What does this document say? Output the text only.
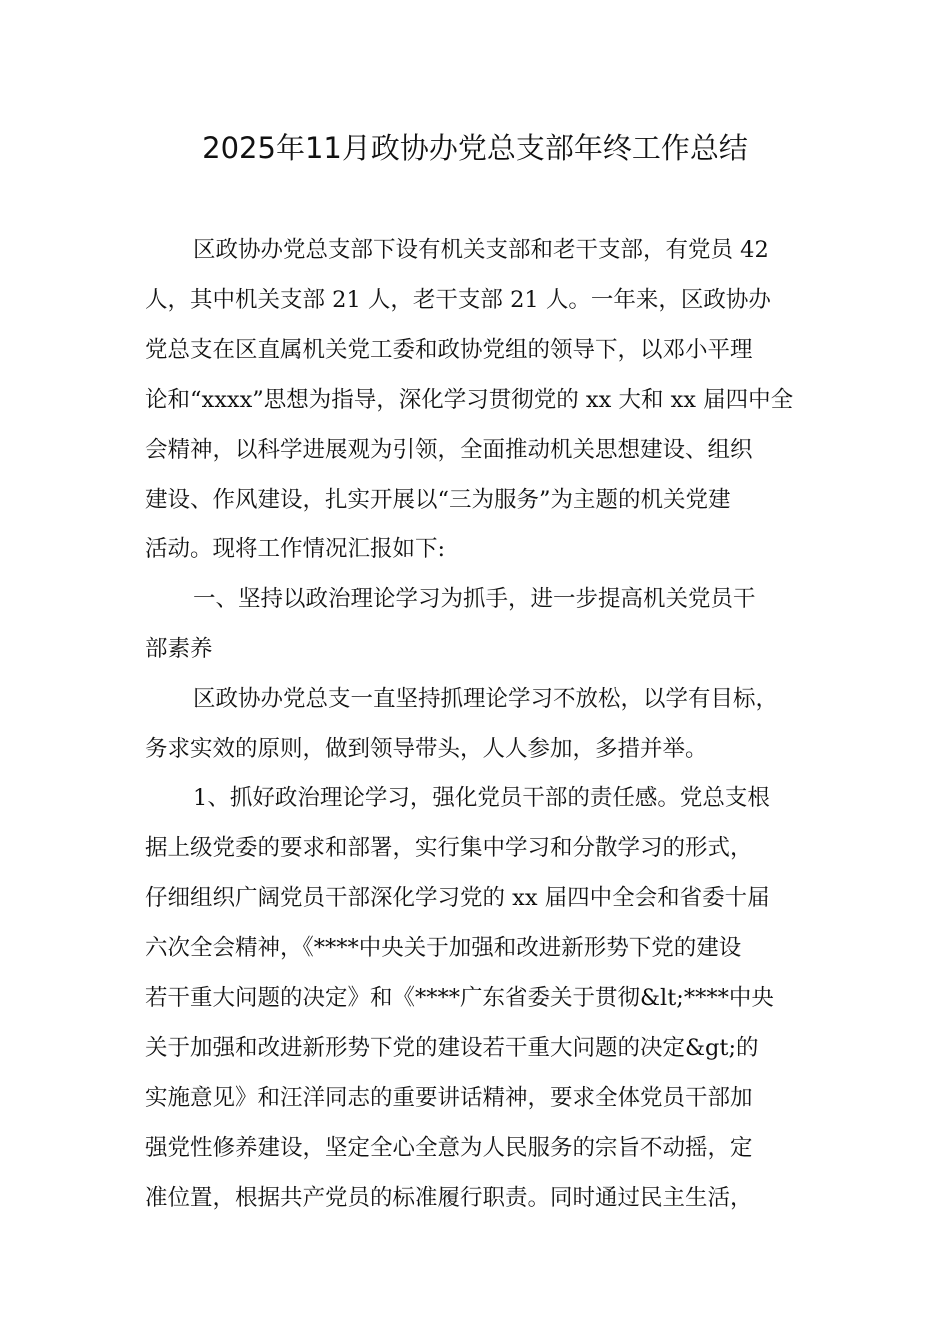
2025年11月政协办党总支部年终工作总结
区政协办党总支部下设有机关支部和老干支部，有党员 42
人，其中机关支部 21 人，老干支部 21 人。一年来，区政协办
党总支在区直属机关党工委和政协党组的领导下，以邓小平理
论和“xxxx”思想为指导，深化学习贯彻党的 xx 大和 xx 届四中全
会精神，以科学进展观为引领，全面推动机关思想建设、组织
建设、作风建设，扎实开展以“三为服务”为主题的机关党建
活动。现将工作情况汇报如下:
一、坚持以政治理论学习为抓手，进一步提高机关党员干
部素养
区政协办党总支一直坚持抓理论学习不放松，以学有目标，
务求实效的原则，做到领导带头，人人参加，多措并举。
1、抓好政治理论学习，强化党员干部的责任感。党总支根
据上级党委的要求和部署，实行集中学习和分散学习的形式，
仔细组织广阔党员干部深化学习党的 xx 届四中全会和省委十届
六次全会精神，《****中央关于加强和改进新形势下党的建设
若干重大问题的决定》和《****广东省委关于贯彻&lt;****中央
关于加强和改进新形势下党的建设若干重大问题的决定&gt;的
实施意见》和汪洋同志的重要讲话精神，要求全体党员干部加
强党性修养建设，坚定全心全意为人民服务的宗旨不动摇，定
准位置，根据共产党员的标准履行职责。同时通过民主生活，
